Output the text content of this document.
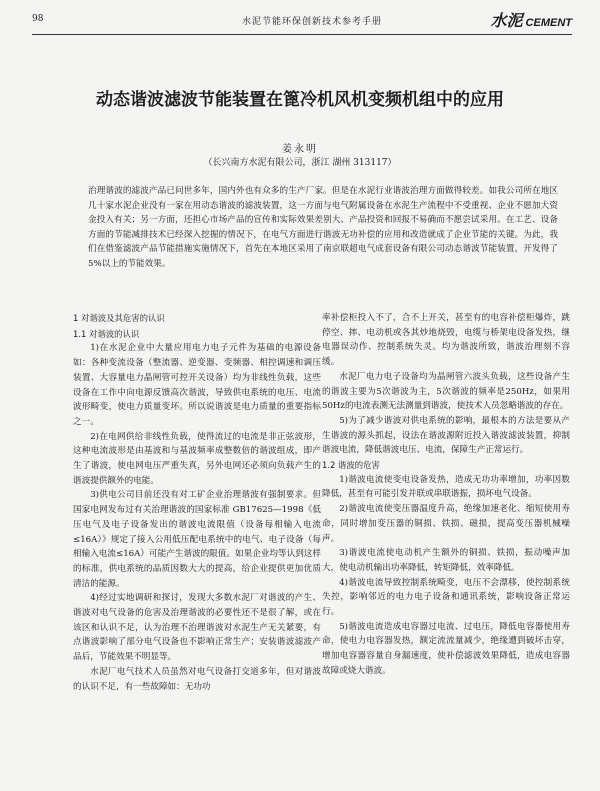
98	水泥节能环保创新技术参考手册	水泥 CEMENT
动态谐波滤波节能装置在篦冷机风机变频机组中的应用
姜永明
（长兴南方水泥有限公司，浙江 湖州 313117）

治理谐波的滤波产品已问世多年，国内外也有众多的生产厂家。但是在水泥行业谐波治理方面做得较差。如我公司所在地区几十家水泥企业没有一家在用动态谐波的滤波装置，这一方面与电气附属设备在水泥生产流程中不受重视、企业不愿加大资金投入有关；另一方面，还担心市场产品的宣传和实际效果差别大、产品投资和回报不易确而不愿尝试采用。在工艺、设备方面的节能减排技术已经深入挖掘的情况下，在电气方面进行谐波无功补偿的应用和改造就成了企业节能的关键。为此，我们在借鉴滤波产品节能措施实施情况下，首先在本地区采用了南京联超电气成套设备有限公司动态谐波节能装置，开发得了5%以上的节能效果。

1 对谐波及其危害的认识

1.1 对谐波的认识

1)在水泥企业中大量应用电力电子元件为基础的电源设备如：各种变流设备（整流器、逆变器、变频器、相控调速和调压装置、大容量电力晶闸管可控开关设备）均为非线性负载，这些设备在工作中向电源反馈高次谐波，导致供电系统的电压、电流波形畸变，使电力质量变坏。所以说谐波是电力质量的重要指标之一。

2)在电网供给非线性负载，使得流过的电流是非正弦波形，这种电流波形是由基波和与基波频率成整数倍的谐波组成，即产生了谐波，使电网电压严重失真，另外电网还必须向负载产生的谐波提供额外的电能。

3)供电公司目前还没有对工矿企业治理谐波有强制要求。但国家电网发布过有关治理谐波的国家标准 GB17625—1998《低压电气及电子设备发出的谐波电流限值（设备每相输入电流≤16A）》规定了接入公用低压配电系统中的电气、电子设备（每相输入电流≤16A）可能产生谐波的限值。如果企业均等认到这样的标准，供电系统的品质因数大大的提高，给企业提供更加优质清洁的能源。

4)经过实地调研和探讨，发现大多数水泥厂对谐波的产生、谐波对电气设备的危害及治理谐波的必要性还不是很了解，或在该区和认识不足，认为治理不治理谐波对水泥生产无关紧要，有点谐波影响了部分电气设备也不影响正常生产；安装谐波滤波产品后，节能效果不明显等。

水泥厂电气技术人员虽然对电气设备打交道多年，但对谐波的认识不足，有一些故障如：无功功

率补偿柜投入不了，合不上开关，甚至有的电容补偿柜爆炸，跳停空、摔、电动机或各其炒地烧毁，电缆与桥架电设备发热，继电器误动作、控制系统失灵。均为谐波所致，谐波治理刻不容缓。

水泥厂电力电子设备均为晶闸管六波头负载，这些设备产生的谐波主要为5次谐波为主，5次谐波的频率是250Hz，如果用50Hz的电流表测无法测量到谐波，使技术人员忽略谐波的存在。

5)为了减少谐波对供电系统的影响，最根本的方法是要从产生谐波的源头抓起，设法在谐波源附近投入谐波滤波装置，抑制谐波电流，降低谐波电压、电流，保障生产正常运行。

1.2 谐波的危害

1)谐波电流使变电设备发热，造成无功功率增加，功率因数降低，甚至有可能引发并联或串联谐振，损坏电气设备。

2)谐波电流使变压器温度升高，绝缘加速老化、缩短使用寿命，同时增加变压器的铜损、铁损、磁损，提高变压器机械噪声。

3)谐波电流使电动机产生额外的铜损、铁损，振动噪声加大，使电动机输出功率降低，转矩降低，效率降低。

4)谐波电流导致控制系统畸变，电压不会漂移，使控制系统失控，影响邻近的电力电子设备和通讯系统，影响设备正常运行。

5)谐波电流造成电容器过电流、过电压，降低电容器使用寿命，使电力电容器发热，额定流流量减少，绝缘遭到破坏击穿，增加电容器容量自身漏速度，使补偿滤波效果降低，造成电容器故障或烧大谐波。
